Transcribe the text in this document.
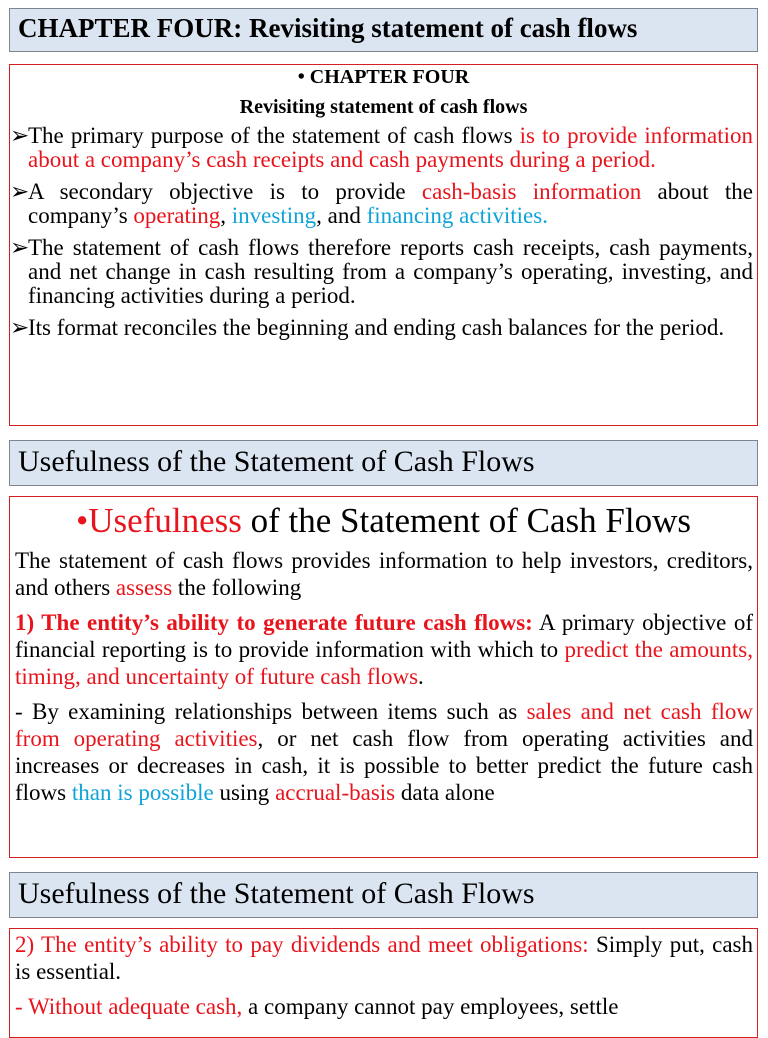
CHAPTER FOUR: Revisiting statement of cash flows
• CHAPTER FOUR
Revisiting statement of cash flows
➢The primary purpose of the statement of cash flows is to provide information about a company’s cash receipts and cash payments during a period.
➢A secondary objective is to provide cash-basis information about the company’s operating, investing, and financing activities.
➢The statement of cash flows therefore reports cash receipts, cash payments, and net change in cash resulting from a company’s operating, investing, and financing activities during a period.
➢Its format reconciles the beginning and ending cash balances for the period.
Usefulness of the Statement of Cash Flows
•Usefulness of the Statement of Cash Flows
The statement of cash flows provides information to help investors, creditors, and others assess the following
1) The entity’s ability to generate future cash flows: A primary objective of financial reporting is to provide information with which to predict the amounts, timing, and uncertainty of future cash flows.
- By examining relationships between items such as sales and net cash flow from operating activities, or net cash flow from operating activities and increases or decreases in cash, it is possible to better predict the future cash flows than is possible using accrual-basis data alone
Usefulness of the Statement of Cash Flows
2) The entity’s ability to pay dividends and meet obligations: Simply put, cash is essential.
- Without adequate cash, a company cannot pay employees, settle
